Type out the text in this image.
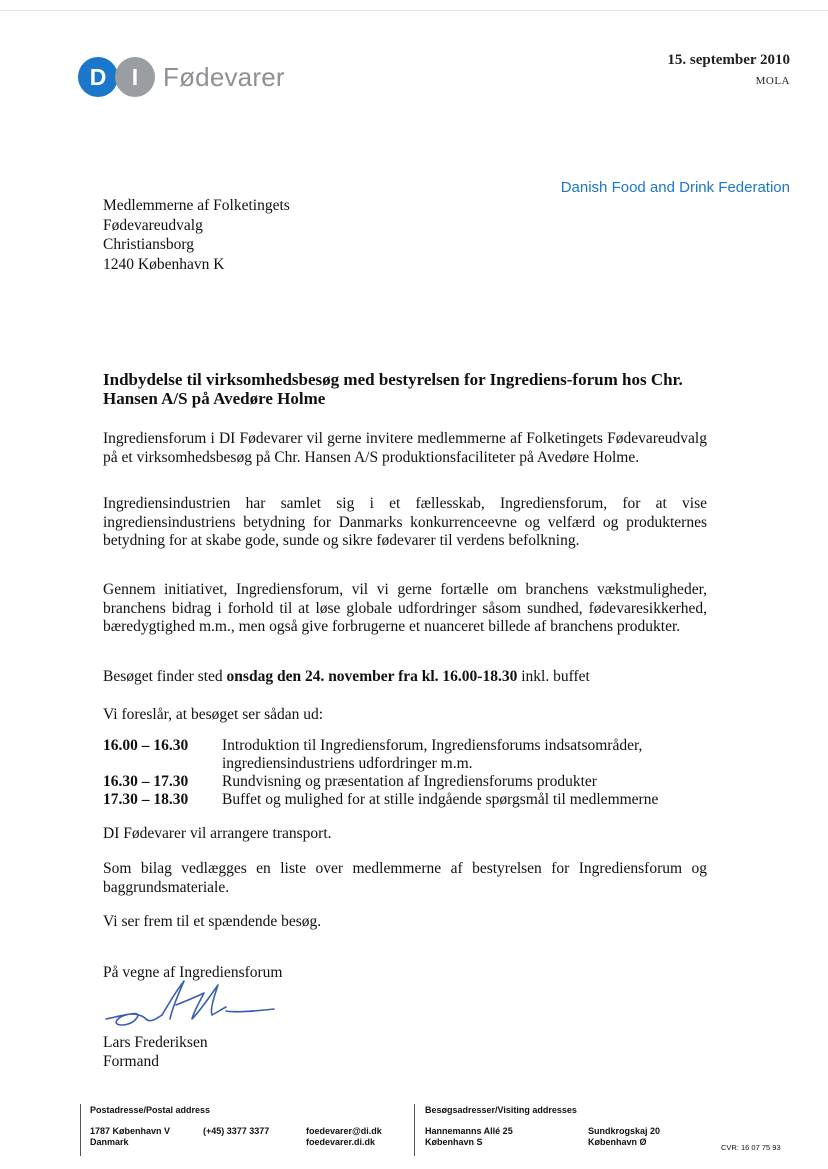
D	I Fødevarer
15. september 2010
MOLA
Danish Food and Drink Federation
Medlemmerne af Folketingets
Fødevareudvalg
Christiansborg
1240 København K
Indbydelse til virksomhedsbesøg med bestyrelsen for Ingrediens-forum hos Chr. Hansen A/S på Avedøre Holme
Ingrediensforum i DI Fødevarer vil gerne invitere medlemmerne af Folketingets Fødevareudvalg på et virksomhedsbesøg på Chr. Hansen A/S produktionsfaciliteter på Avedøre Holme.
Ingrediensindustrien har samlet sig i et fællesskab, Ingrediensforum, for at vise ingrediensindustriens betydning for Danmarks konkurrenceevne og velfærd og produkternes betydning for at skabe gode, sunde og sikre fødevarer til verdens befolkning.
Gennem initiativet, Ingrediensforum, vil vi gerne fortælle om branchens vækstmuligheder, branchens bidrag i forhold til at løse globale udfordringer såsom sundhed, fødevaresikkerhed, bæredygtighed m.m., men også give forbrugerne et nuanceret billede af branchens produkter.
Besøget finder sted onsdag den 24. november fra kl. 16.00-18.30 inkl. buffet
Vi foreslår, at besøget ser sådan ud:
16.00 – 16.30	Introduktion til Ingrediensforum, Ingrediensforums indsatsområder, ingrediensindustriens udfordringer m.m.
16.30 – 17.30	Rundvisning og præsentation af Ingrediensforums produkter
17.30 – 18.30	Buffet og mulighed for at stille indgående spørgsmål til medlemmerne
DI Fødevarer vil arrangere transport.
Som bilag vedlægges en liste over medlemmerne af bestyrelsen for Ingrediensforum og baggrundsmateriale.
Vi ser frem til et spændende besøg.
På vegne af Ingrediensforum
Lars Frederiksen
Formand
Postadresse/Postal address
1787 København V
Danmark
(+45) 3377 3377	foedevarer@di.dk
foedevarer.di.dk
Besøgsadresser/Visiting addresses
Hannemanns Allé 25
København S
Sundkrogskaj 20
København Ø
CVR: 16 07 75 93
